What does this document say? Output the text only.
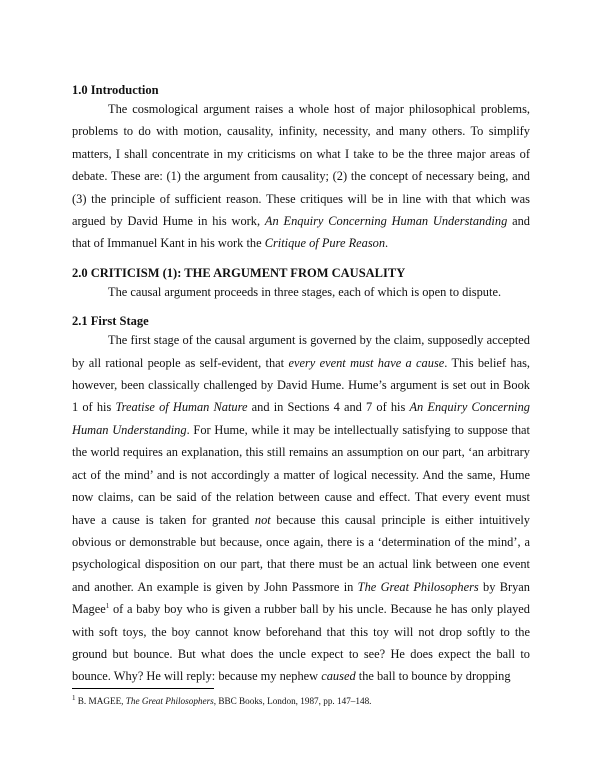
1.0 Introduction

The cosmological argument raises a whole host of major philosophical problems, problems to do with motion, causality, infinity, necessity, and many others. To simplify matters, I shall concentrate in my criticisms on what I take to be the three major areas of debate. These are: (1) the argument from causality; (2) the concept of necessary being, and (3) the principle of sufficient reason. These critiques will be in line with that which was argued by David Hume in his work, An Enquiry Concerning Human Understanding and that of Immanuel Kant in his work the Critique of Pure Reason.

2.0 CRITICISM (1): THE ARGUMENT FROM CAUSALITY

The causal argument proceeds in three stages, each of which is open to dispute.

2.1 First Stage

The first stage of the causal argument is governed by the claim, supposedly accepted by all rational people as self-evident, that every event must have a cause. This belief has, however, been classically challenged by David Hume. Hume’s argument is set out in Book 1 of his Treatise of Human Nature and in Sections 4 and 7 of his An Enquiry Concerning Human Understanding. For Hume, while it may be intellectually satisfying to suppose that the world requires an explanation, this still remains an assumption on our part, ‘an arbitrary act of the mind’ and is not accordingly a matter of logical necessity. And the same, Hume now claims, can be said of the relation between cause and effect. That every event must have a cause is taken for granted not because this causal principle is either intuitively obvious or demonstrable but because, once again, there is a ‘determination of the mind’, a psychological disposition on our part, that there must be an actual link between one event and another. An example is given by John Passmore in The Great Philosophers by Bryan Magee$^1$ of a baby boy who is given a rubber ball by his uncle. Because he has only played with soft toys, the boy cannot know beforehand that this toy will not drop softly to the ground but bounce. But what does the uncle expect to see? He does expect the ball to bounce. Why? He will reply: because my nephew caused the ball to bounce by dropping

$^1$ B. MAGEE, The Great Philosophers, BBC Books, London, 1987, pp. 147–148.
